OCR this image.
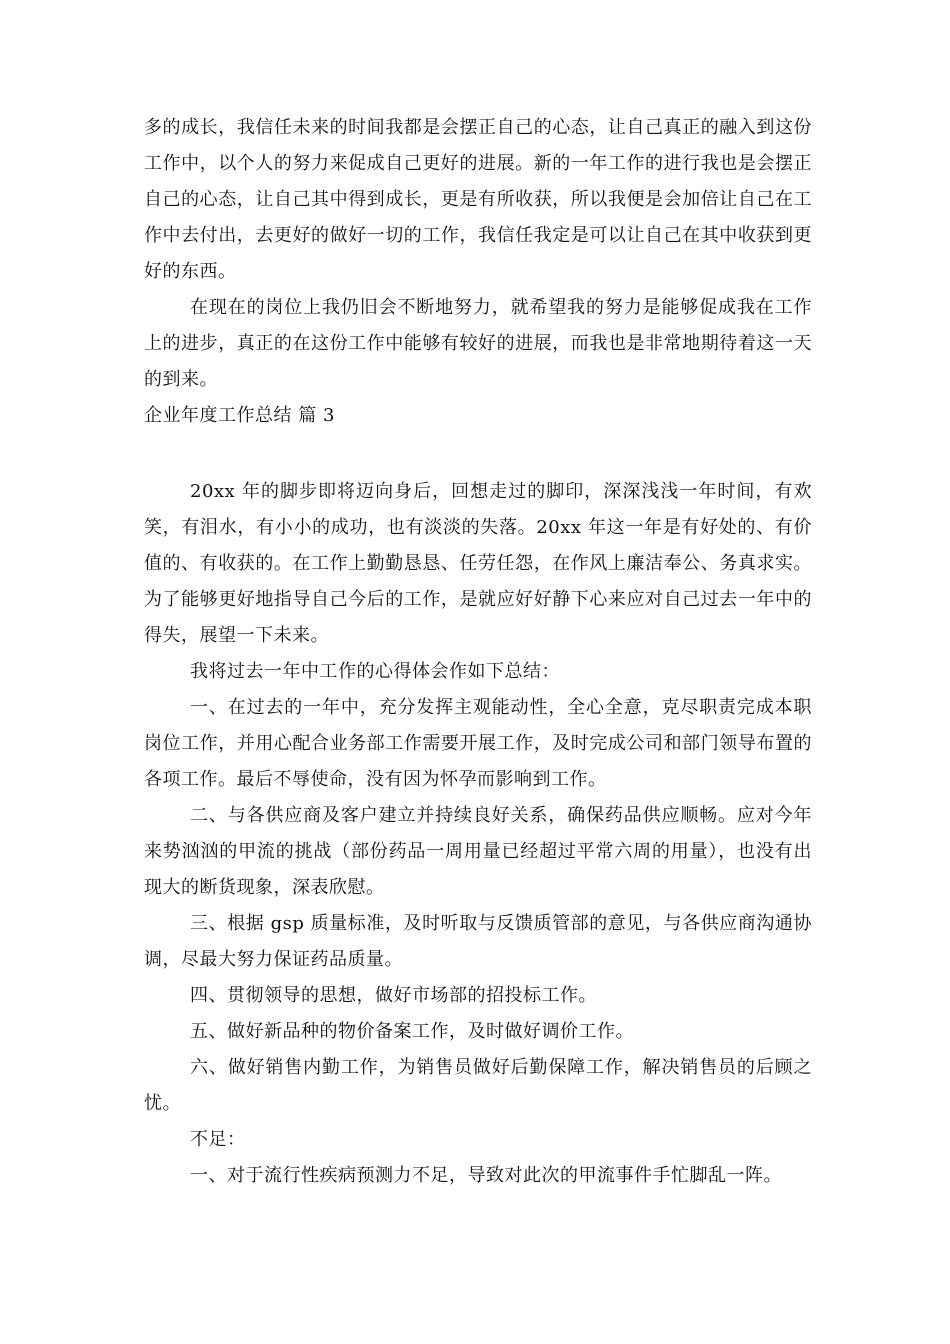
多的成长，我信任未来的时间我都是会摆正自己的心态，让自己真正的融入到这份工作中，以个人的努力来促成自己更好的进展。新的一年工作的进行我也是会摆正自己的心态，让自己其中得到成长，更是有所收获，所以我便是会加倍让自己在工作中去付出，去更好的做好一切的工作，我信任我定是可以让自己在其中收获到更好的东西。

在现在的岗位上我仍旧会不断地努力，就希望我的努力是能够促成我在工作上的进步，真正的在这份工作中能够有较好的进展，而我也是非常地期待着这一天的到来。

企业年度工作总结 篇 3

20xx 年的脚步即将迈向身后，回想走过的脚印，深深浅浅一年时间，有欢笑，有泪水，有小小的成功，也有淡淡的失落。20xx 年这一年是有好处的、有价值的、有收获的。在工作上勤勤恳恳、任劳任怨，在作风上廉洁奉公、务真求实。为了能够更好地指导自己今后的工作，是就应好好静下心来应对自己过去一年中的得失，展望一下未来。

我将过去一年中工作的心得体会作如下总结：

一、在过去的一年中，充分发挥主观能动性，全心全意，克尽职责完成本职岗位工作，并用心配合业务部工作需要开展工作，及时完成公司和部门领导布置的各项工作。最后不辱使命，没有因为怀孕而影响到工作。

二、与各供应商及客户建立并持续良好关系，确保药品供应顺畅。应对今年来势汹汹的甲流的挑战（部份药品一周用量已经超过平常六周的用量），也没有出现大的断货现象，深表欣慰。

三、根据 gsp 质量标准，及时听取与反馈质管部的意见，与各供应商沟通协调，尽最大努力保证药品质量。

四、贯彻领导的思想，做好市场部的招投标工作。

五、做好新品种的物价备案工作，及时做好调价工作。

六、做好销售内勤工作，为销售员做好后勤保障工作，解决销售员的后顾之忧。

不足：

一、对于流行性疾病预测力不足，导致对此次的甲流事件手忙脚乱一阵。
